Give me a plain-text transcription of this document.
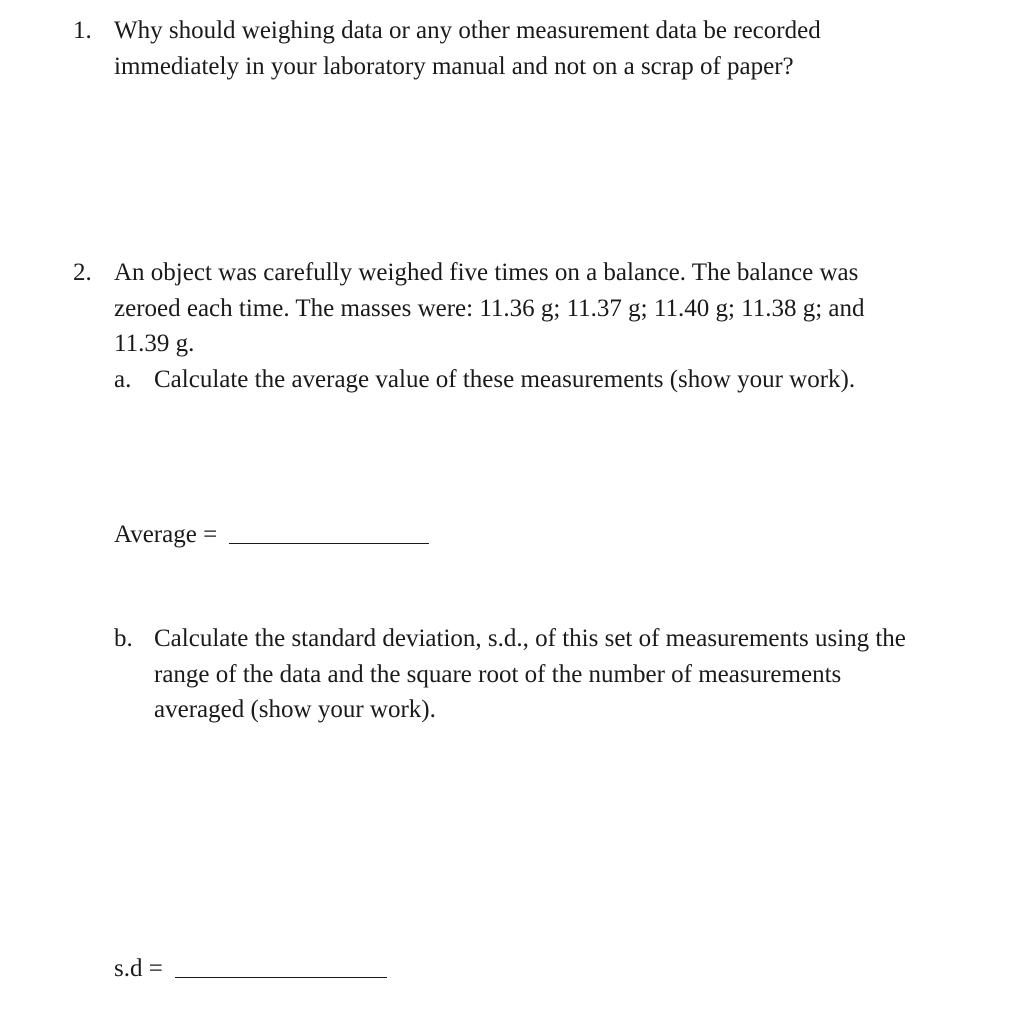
1. Why should weighing data or any other measurement data be recorded
immediately in your laboratory manual and not on a scrap of paper?
2. An object was carefully weighed five times on a balance. The balance was
zeroed each time. The masses were: 11.36 g; 11.37 g; 11.40 g; 11.38 g; and
11.39 g.
a. Calculate the average value of these measurements (show your work).
Average =
b. Calculate the standard deviation, s.d., of this set of measurements using the
range of the data and the square root of the number of measurements
averaged (show your work).
s.d =
